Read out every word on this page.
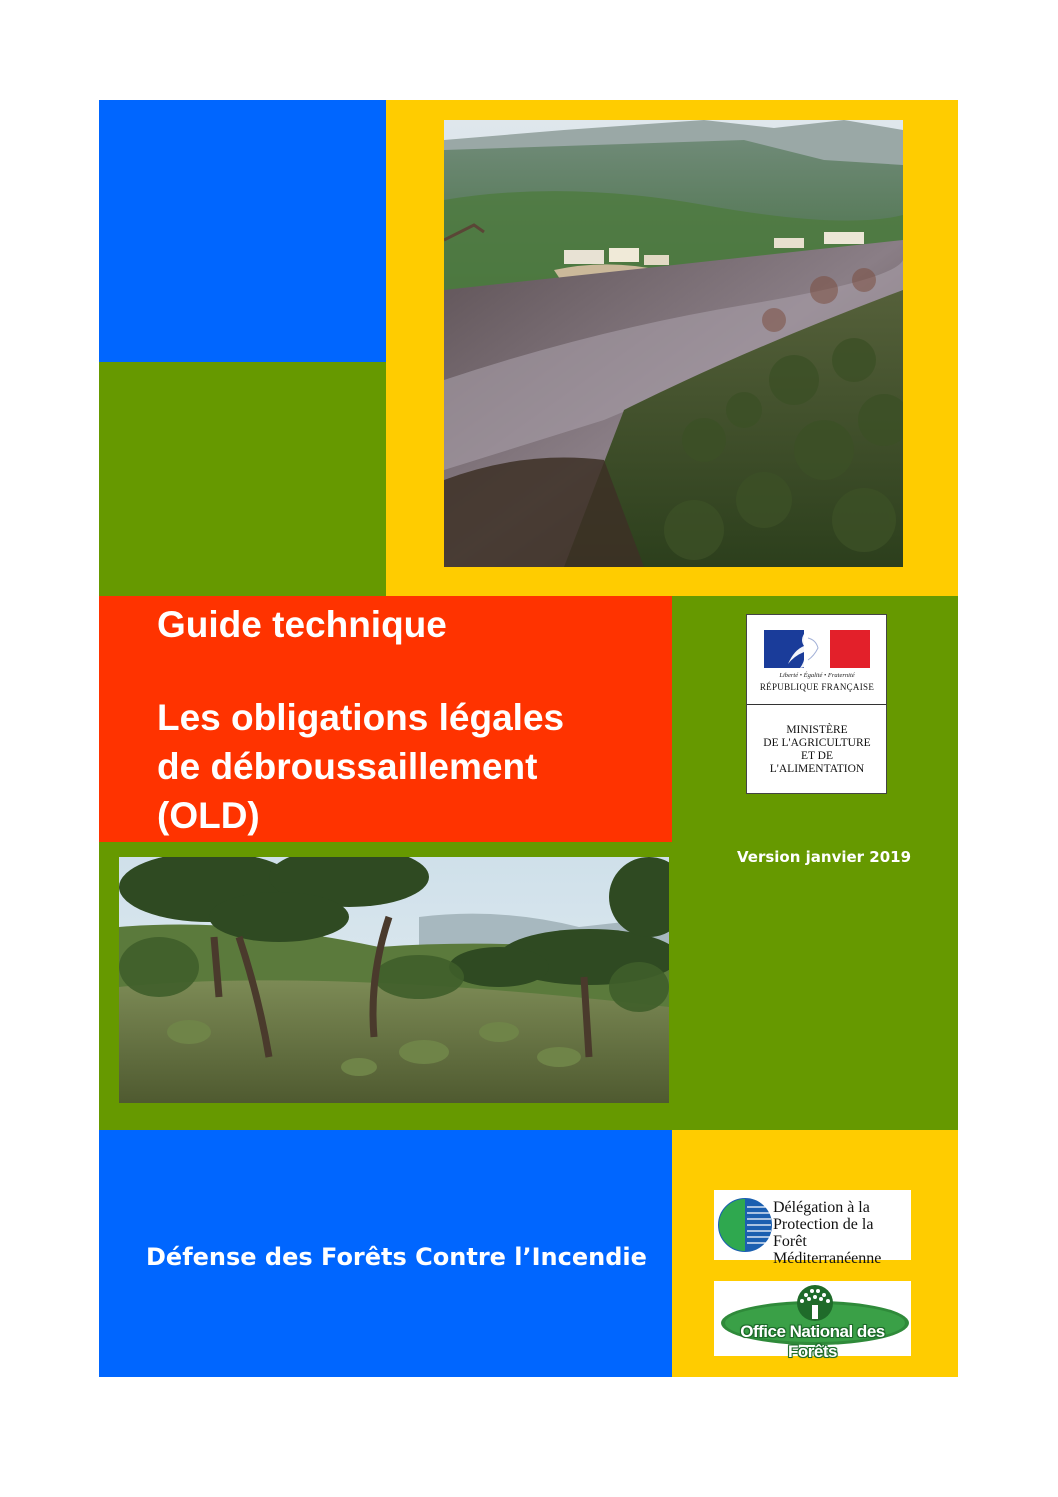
Guide technique
Les obligations légales
de débroussaillement
(OLD)
Liberté • Égalité • Fraternité
RÉPUBLIQUE FRANÇAISE
MINISTÈRE
DE L'AGRICULTURE
ET DE
L'ALIMENTATION
Version janvier 2019
Défense des Forêts Contre l’Incendie
Délégation à la
Protection de la Forêt
Méditerranéenne
Office National des Forêts
